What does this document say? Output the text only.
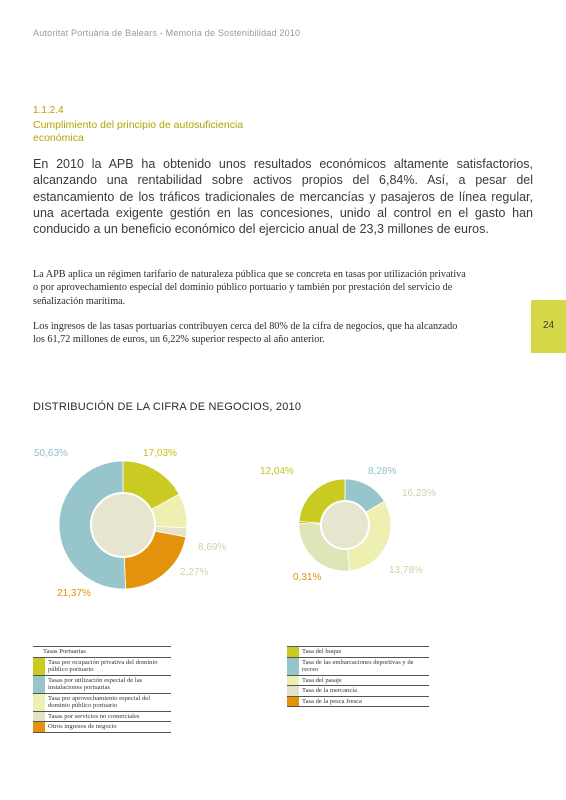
Autoritat Portuària de Balears - Memoria de Sostenibilidad 2010
1.1.2.4
Cumplimiento del principio de autosuficiencia económica

En 2010 la APB ha obtenido unos resultados económicos altamente satisfactorios, alcanzando una rentabilidad sobre activos propios del 6,84%. Así, a pesar del estancamiento de los tráficos tradicionales de mercancías y pasajeros de línea regular, una acertada exigente gestión en las concesiones, unido al control en el gasto han conducido a un beneficio económico del ejercicio anual de 23,3 millones de euros.

La APB aplica un régimen tarifario de naturaleza pública que se concreta en tasas por utilización privativa o por aprovechamiento especial del dominio público portuario y también por prestación del servicio de señalización marítima.

Los ingresos de las tasas portuarias contribuyen cerca del 80% de la cifra de negocios, que ha alcanzado los 61,72 millones de euros, un 6,22% superior respecto al año anterior.

24
DISTRIBUCIÓN DE LA CIFRA DE NEGOCIOS, 2010
50,63%	17,03%
8,69%
2,27%
21,37%
12,04%	8,28%
16,23%
13,78%
0,31%
Tasas Portuarias
Tasa por ocupación privativa del dominio público portuario
Tasas por utilización especial de las instalaciones portuarias
Tasa por aprovechamiento especial del dominio público portuario
Tasas por servicios no comerciales
Otros ingresos de negocio
Tasa del buque
Tasa de las embarcaciones deportivas y de recreo
Tasa del pasaje
Tasa de la mercancía
Tasa de la pesca fresca
